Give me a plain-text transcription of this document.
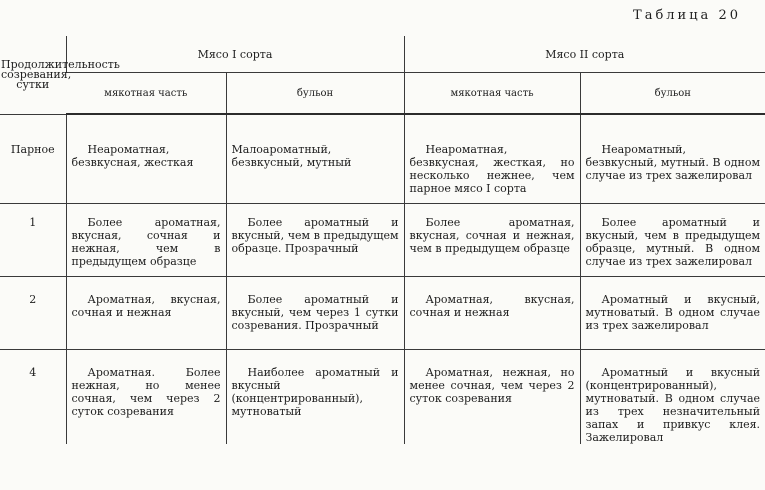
Таблица 20
Продолжительность созревания, сутки	Мясо I сорта		Мясо II сорта	
	мякотная часть	бульон	мякотная часть	бульон
Парное	Неароматная, безвкусная, жесткая	Малоароматный, безвкусный, мутный	Неароматная, безвкусная, жесткая, но несколько нежнее, чем парное мясо I сорта	Неароматный, безвкусный, мутный. В одном случае из трех зажелировал
1	Более ароматная, вкусная, сочная и нежная, чем в предыдущем образце	Более ароматный и вкусный, чем в предыдущем образце. Прозрачный	Более ароматная, вкусная, сочная и нежная, чем в предыдущем образце	Более ароматный и вкусный, чем в предыдущем образце, мутный. В одном случае из трех зажелировал
2	Ароматная, вкусная, сочная и нежная	Более ароматный и вкусный, чем через 1 сутки созревания. Прозрачный	Ароматная, вкусная, сочная и нежная	Ароматный и вкусный, мутноватый. В одном случае из трех зажелировал
4	Ароматная. Более нежная, но менее сочная, чем через 2 суток созревания	Наиболее ароматный и вкусный (концентрированный), мутноватый	Ароматная, нежная, но менее сочная, чем через 2 суток созревания	Ароматный и вкусный (концентрированный), мутноватый. В одном случае из трех незначительный запах и привкус клея. Зажелировал
